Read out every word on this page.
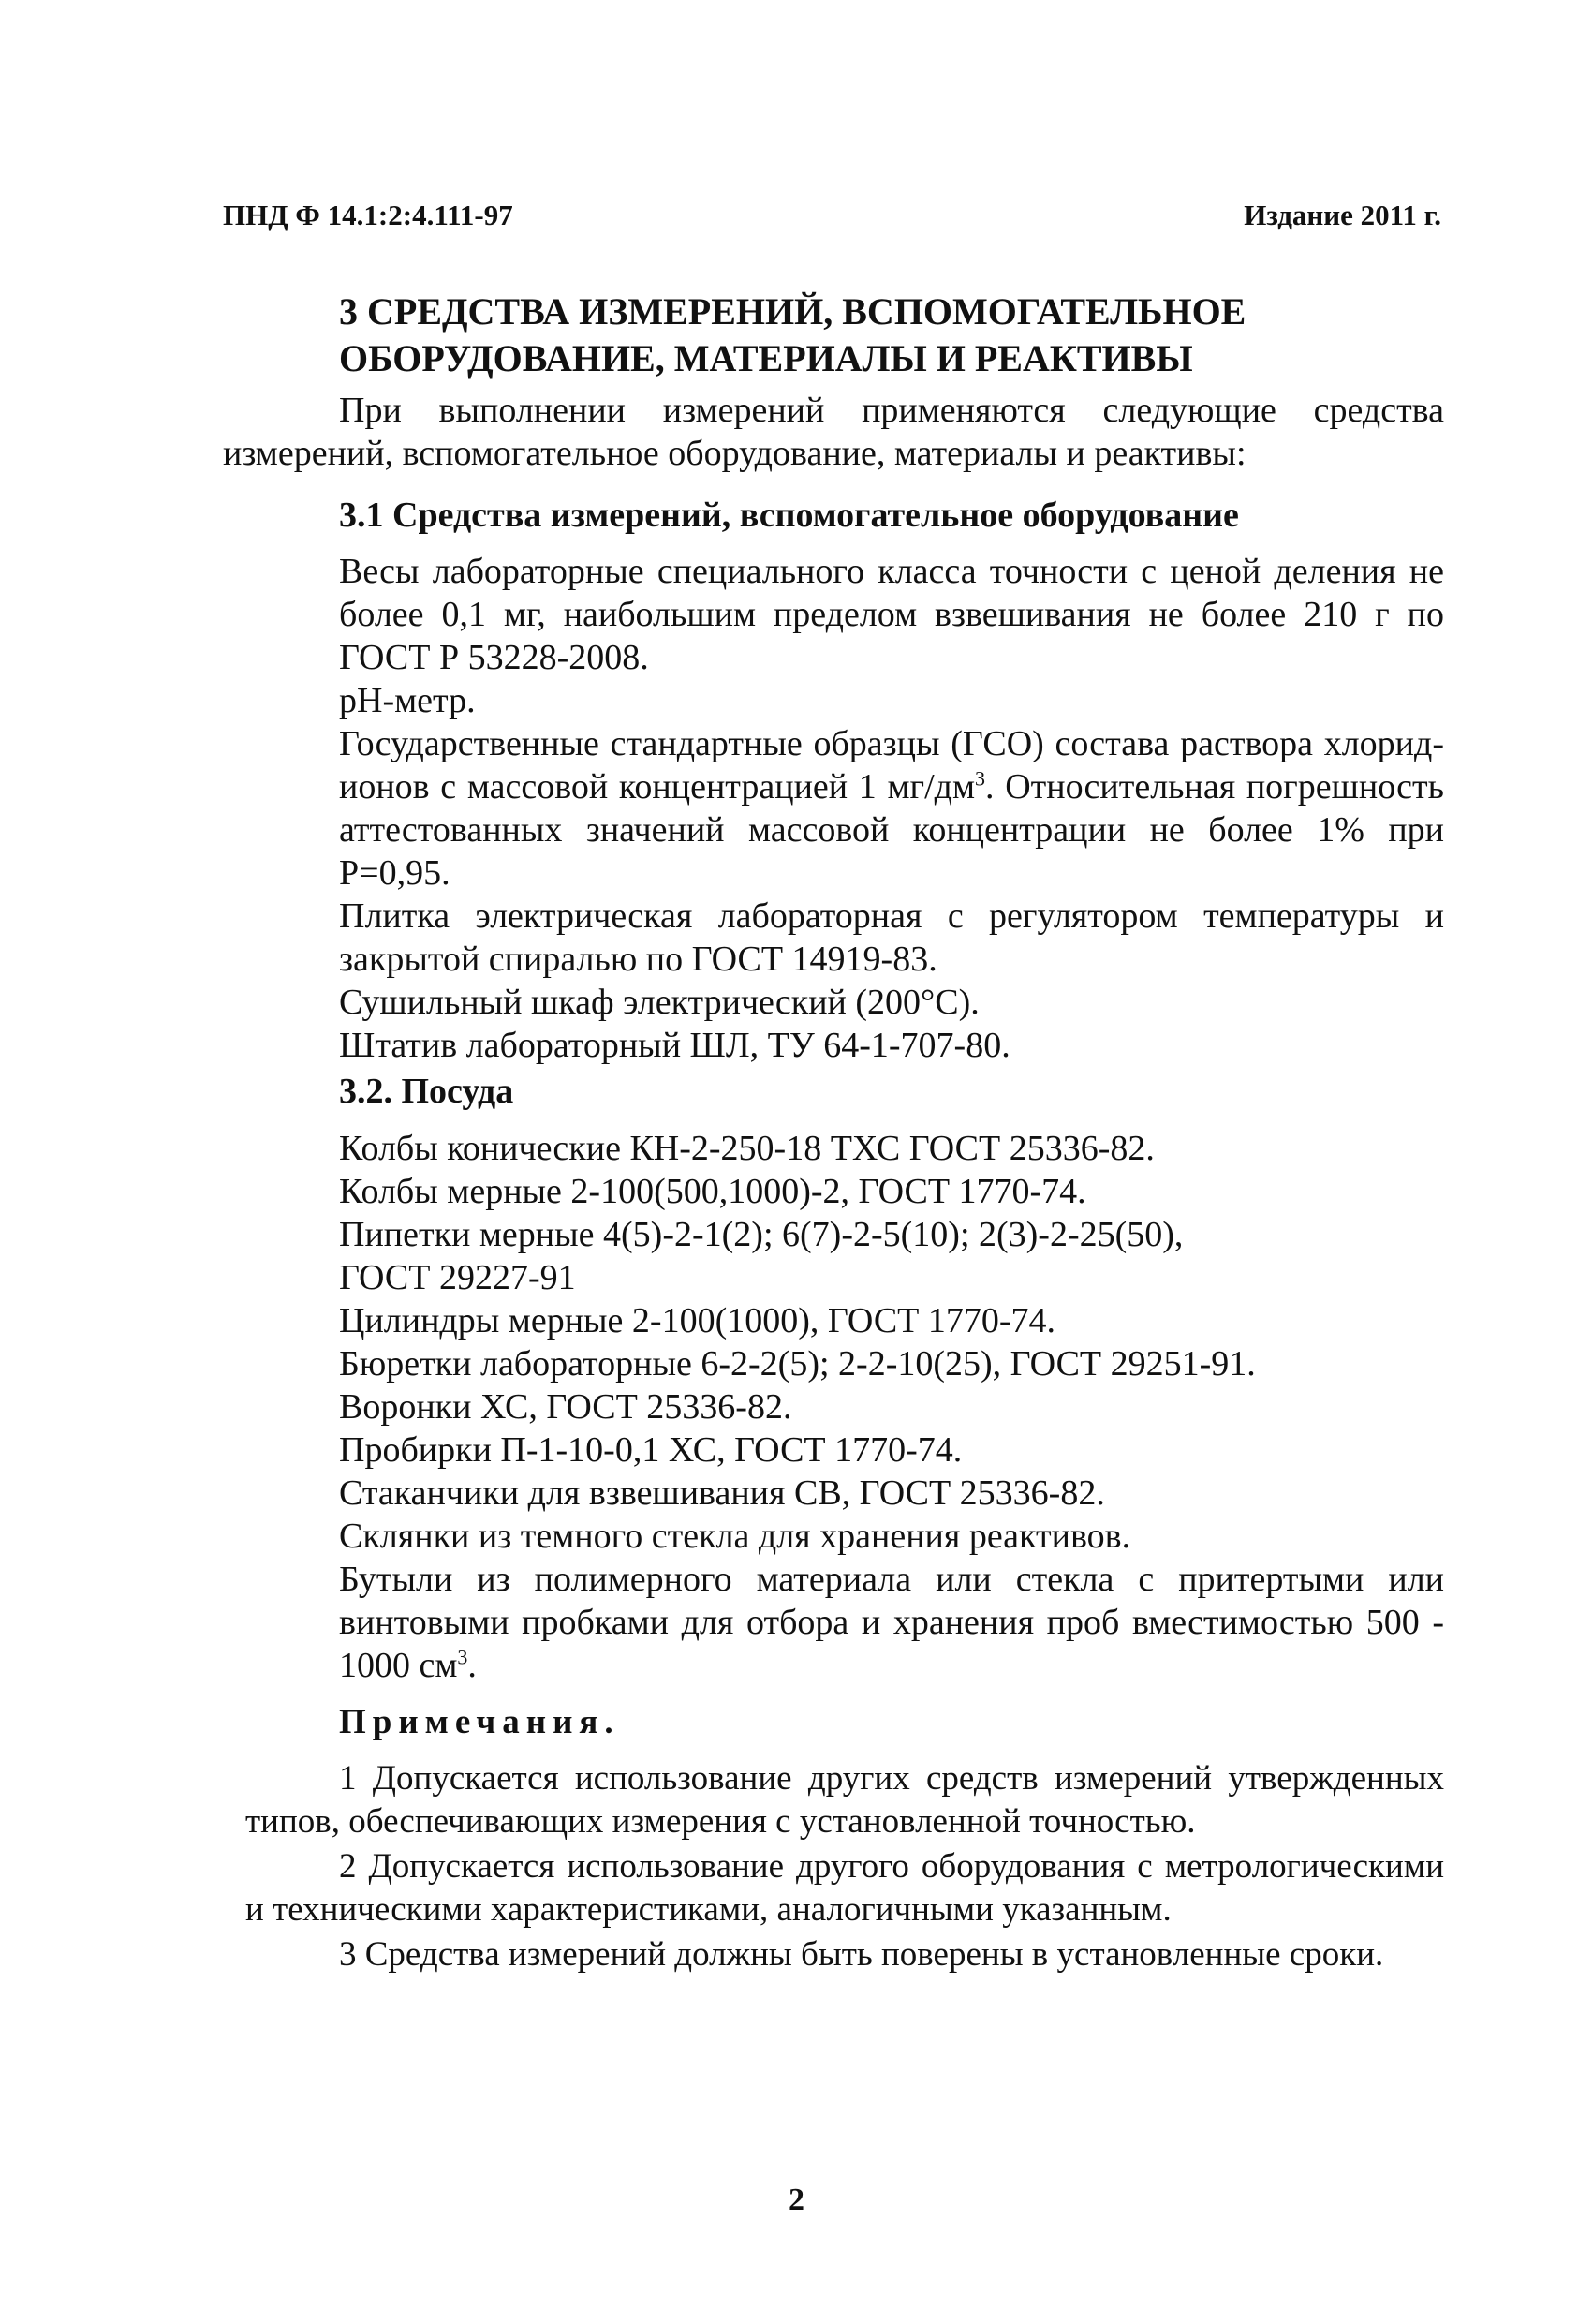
ПНД Ф 14.1:2:4.111-97	Издание 2011 г.
3 СРЕДСТВА ИЗМЕРЕНИЙ, ВСПОМОГАТЕЛЬНОЕ
ОБОРУДОВАНИЕ, МАТЕРИАЛЫ И РЕАКТИВЫ

При выполнении измерений применяются следующие средства измерений, вспомогательное оборудование, материалы и реактивы:

3.1 Средства измерений, вспомогательное оборудование

Весы лабораторные специального класса точности с ценой деления не более 0,1 мг, наибольшим пределом взвешивания не более 210 г по ГОСТ Р 53228-2008.

рН-метр.

Государственные стандартные образцы (ГСО) состава раствора хлорид-ионов с массовой концентрацией 1 $мг/дм^3$. Относительная погрешность аттестованных значений массовой концентрации не более 1% при Р=0,95.

Плитка электрическая лабораторная с регулятором температуры и закрытой спиралью по ГОСТ 14919-83.

Сушильный шкаф электрический (200°С).

Штатив лабораторный ШЛ, ТУ 64-1-707-80.

3.2. Посуда
Колбы конические КН-2-250-18 ТХС ГОСТ 25336-82.
Колбы мерные 2-100(500,1000)-2, ГОСТ 1770-74.
Пипетки мерные 4(5)-2-1(2); 6(7)-2-5(10); 2(3)-2-25(50),
ГОСТ 29227-91
Цилиндры мерные 2-100(1000), ГОСТ 1770-74.
Бюретки лабораторные 6-2-2(5); 2-2-10(25), ГОСТ 29251-91.
Воронки ХС, ГОСТ 25336-82.
Пробирки П-1-10-0,1 ХС, ГОСТ 1770-74.
Стаканчики для взвешивания СВ, ГОСТ 25336-82.
Склянки из темного стекла для хранения реактивов.

Бутыли из полимерного материала или стекла с притертыми или винтовыми пробками для отбора и хранения проб вместимостью 500 - 1000 $см^3$.

Примечания.

1 Допускается использование других средств измерений утвержденных типов, обеспечивающих измерения с установленной точностью.

2 Допускается использование другого оборудования с метрологическими и техническими характеристиками, аналогичными указанным.

3 Средства измерений должны быть поверены в установленные сроки.

2
